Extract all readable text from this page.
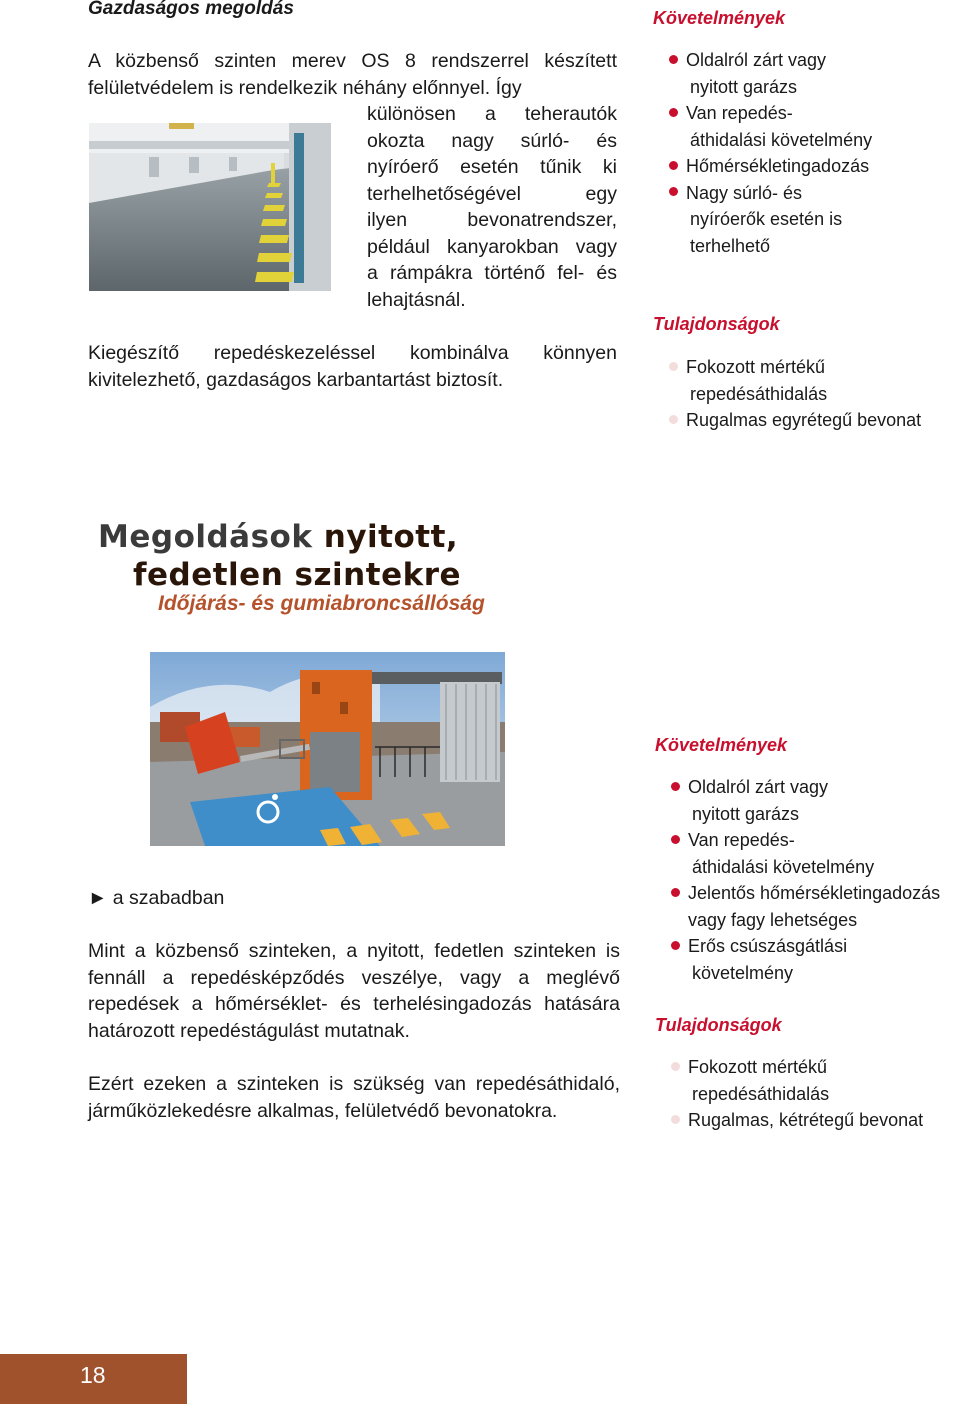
Gazdaságos megoldás
A közbenső szinten merev OS 8 rendszerrel készített felületvédelem is rendelkezik néhány előnnyel. Így
különösen a teherautók
okozta nagy súrló- és
nyíróerő esetén tűnik ki
terhelhetőségével egy
ilyen bevonatrendszer,
például kanyarokban vagy
a rámpákra történő fel- és
lehajtásnál.
Kiegészítő repedéskezeléssel kombinálva könnyen kivitelezhető, gazdaságos karbantartást biztosít.
Követelmények
Oldalról zárt vagy
nyitott garázs
Van repedés-
áthidalási követelmény
Hőmérsékletingadozás
Nagy súrló- és
nyíróerők esetén is
terhelhető
Tulajdonságok
Fokozott mértékű
repedésáthidalás
Rugalmas egyrétegű bevonat
Megoldások nyitott,
fedetlen szintekre
Időjárás- és gumiabroncsállóság
► a szabadban
Mint a közbenső szinteken, a nyitott, fedetlen szinteken is fennáll a repedésképződés veszélye, vagy a meglévő repedések a hőmérséklet- és terhelésingadozás hatására határozott repedéstágulást mutatnak.
Ezért ezeken a szinteken is szükség van repedésáthidaló, járműközlekedésre alkalmas, felületvédő bevonatokra.
Követelmények
Oldalról zárt vagy
nyitott garázs
Van repedés-
áthidalási követelmény
Jelentős hőmérsékletingadozás
vagy fagy lehetséges
Erős csúszásgátlási
követelmény
Tulajdonságok
Fokozott mértékű
repedésáthidalás
Rugalmas, kétrétegű bevonat
18
